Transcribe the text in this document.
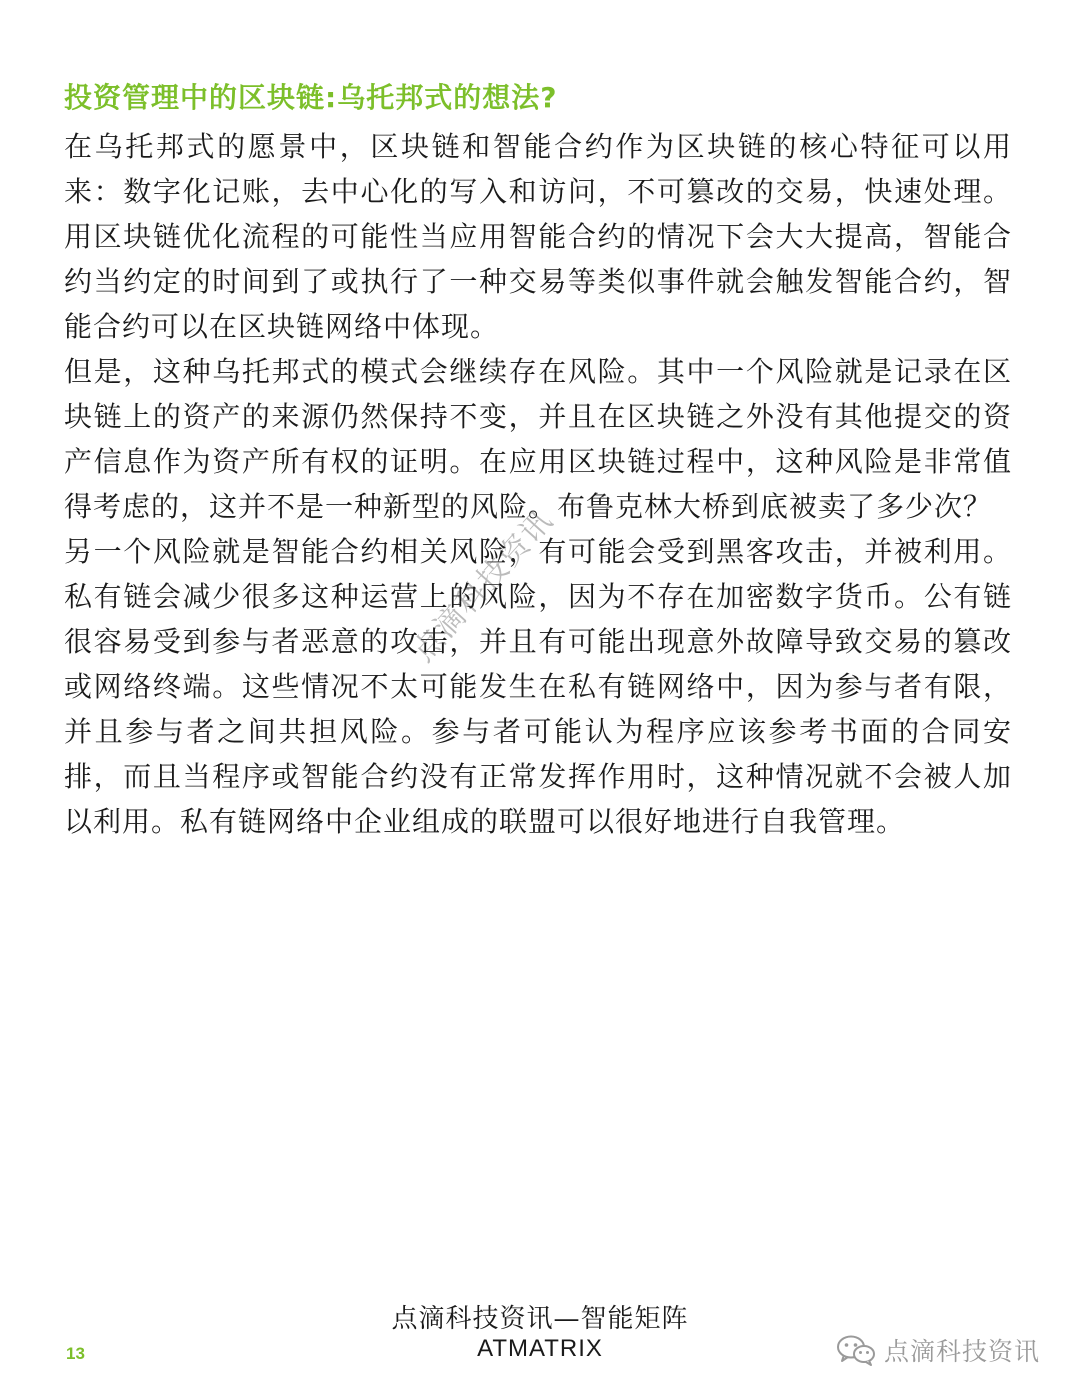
投资管理中的区块链:乌托邦式的想法?

在乌托邦式的愿景中，区块链和智能合约作为区块链的核心特征可以用来：数字化记账，去中心化的写入和访问，不可篡改的交易，快速处理。用区块链优化流程的可能性当应用智能合约的情况下会大大提高，智能合约当约定的时间到了或执行了一种交易等类似事件就会触发智能合约，智能合约可以在区块链网络中体现。

但是，这种乌托邦式的模式会继续存在风险。其中一个风险就是记录在区块链上的资产的来源仍然保持不变，并且在区块链之外没有其他提交的资产信息作为资产所有权的证明。在应用区块链过程中，这种风险是非常值得考虑的，这并不是一种新型的风险。布鲁克林大桥到底被卖了多少次？

另一个风险就是智能合约相关风险，有可能会受到黑客攻击，并被利用。私有链会减少很多这种运营上的风险，因为不存在加密数字货币。公有链很容易受到参与者恶意的攻击，并且有可能出现意外故障导致交易的篡改或网络终端。这些情况不太可能发生在私有链网络中，因为参与者有限，并且参与者之间共担风险。参与者可能认为程序应该参考书面的合同安排，而且当程序或智能合约没有正常发挥作用时，这种情况就不会被人加以利用。私有链网络中企业组成的联盟可以很好地进行自我管理。

点滴科技资讯
点滴科技资讯—智能矩阵
ATMATRIX
13	点滴科技资讯
